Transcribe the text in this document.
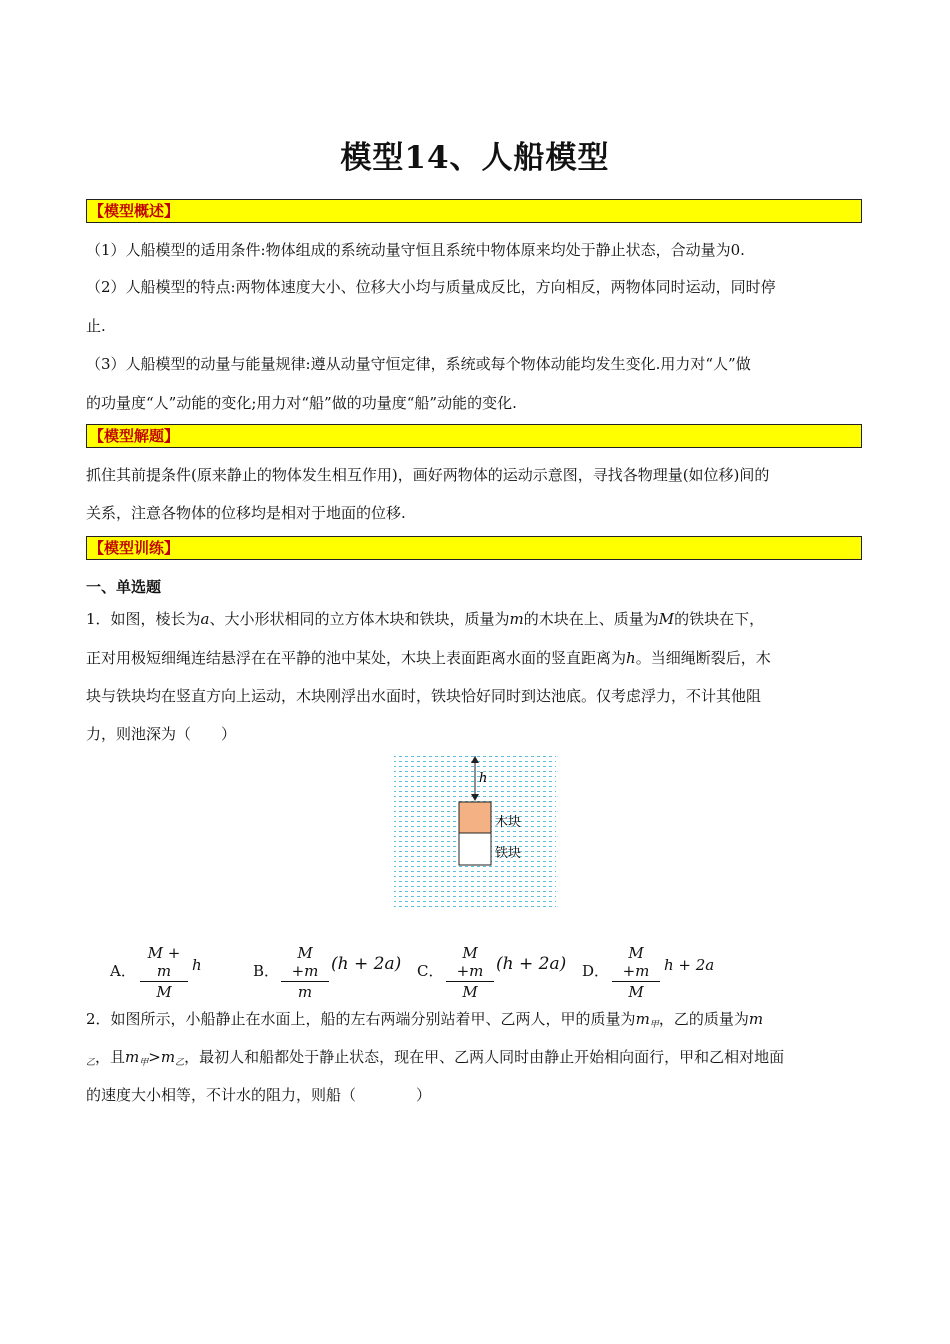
模型14、人船模型
【模型概述】
（1）人船模型的适用条件:物体组成的系统动量守恒且系统中物体原来均处于静止状态，合动量为0.
（2）人船模型的特点:两物体速度大小、位移大小均与质量成反比，方向相反，两物体同时运动，同时停
止.
（3）人船模型的动量与能量规律:遵从动量守恒定律，系统或每个物体动能均发生变化.用力对“人”做
的功量度“人”动能的变化;用力对“船”做的功量度“船”动能的变化.
【模型解题】
抓住其前提条件(原来静止的物体发生相互作用)，画好两物体的运动示意图，寻找各物理量(如位移)间的
关系，注意各物体的位移均是相对于地面的位移.
【模型训练】
一、单选题
1．如图，棱长为a、大小形状相同的立方体木块和铁块，质量为m的木块在上、质量为M的铁块在下，
正对用极短细绳连结悬浮在在平静的池中某处，木块上表面距离水面的竖直距离为h。当细绳断裂后，木
块与铁块均在竖直方向上运动，木块刚浮出水面时，铁块恰好同时到达池底。仅考虑浮力，不计其他阻
力，则池深为（　　）
h
木块
铁块
A．
M + m
M
h	B．
M +m
m
(h + 2a) C．
M +m
M
(h + 2a) D．
M +m
M
h + 2a
2．如图所示，小船静止在水面上，船的左右两端分别站着甲、乙两人，甲的质量为$m_甲$，乙的质量为m
$_乙$，且$m_甲>m_乙$，最初人和船都处于静止状态，现在甲、乙两人同时由静止开始相向面行，甲和乙相对地面
的速度大小相等，不计水的阻力，则船（　　　　）
